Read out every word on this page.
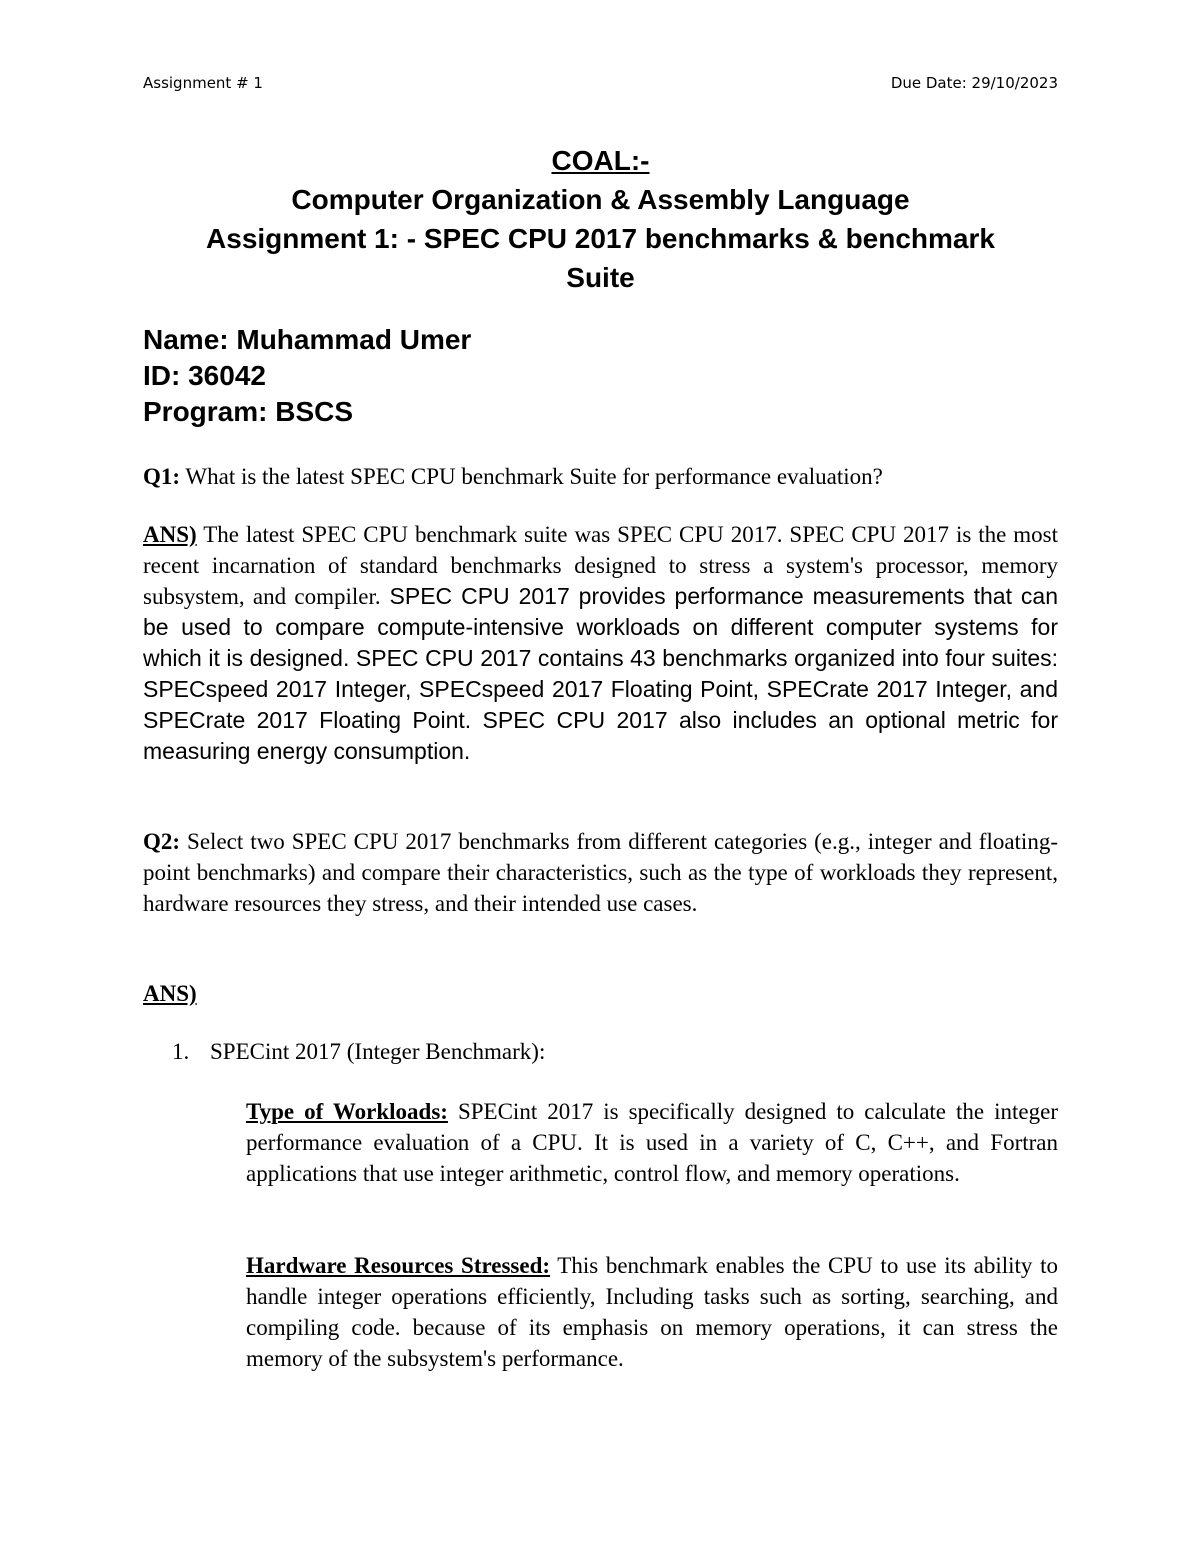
Assignment # 1	Due Date: 29/10/2023
COAL:-
Computer Organization & Assembly Language
Assignment 1: - SPEC CPU 2017 benchmarks & benchmark
Suite
Name: Muhammad Umer
ID: 36042
Program: BSCS

Q1: What is the latest SPEC CPU benchmark Suite for performance evaluation?

ANS) The latest SPEC CPU benchmark suite was SPEC CPU 2017. SPEC CPU 2017 is the most recent incarnation of standard benchmarks designed to stress a system's processor, memory subsystem, and compiler. SPEC CPU 2017 provides performance measurements that can be used to compare compute-intensive workloads on different computer systems for which it is designed. SPEC CPU 2017 contains 43 benchmarks organized into four suites: SPECspeed 2017 Integer, SPECspeed 2017 Floating Point, SPECrate 2017 Integer, and SPECrate 2017 Floating Point. SPEC CPU 2017 also includes an optional metric for measuring energy consumption.

Q2: Select two SPEC CPU 2017 benchmarks from different categories (e.g., integer and floating-point benchmarks) and compare their characteristics, such as the type of workloads they represent, hardware resources they stress, and their intended use cases.

ANS)

1. SPECint 2017 (Integer Benchmark):

Type of Workloads: SPECint 2017 is specifically designed to calculate the integer performance evaluation of a CPU. It is used in a variety of C, C++, and Fortran applications that use integer arithmetic, control flow, and memory operations.

Hardware Resources Stressed: This benchmark enables the CPU to use its ability to handle integer operations efficiently, Including tasks such as sorting, searching, and compiling code. because of its emphasis on memory operations, it can stress the memory of the subsystem's performance.
